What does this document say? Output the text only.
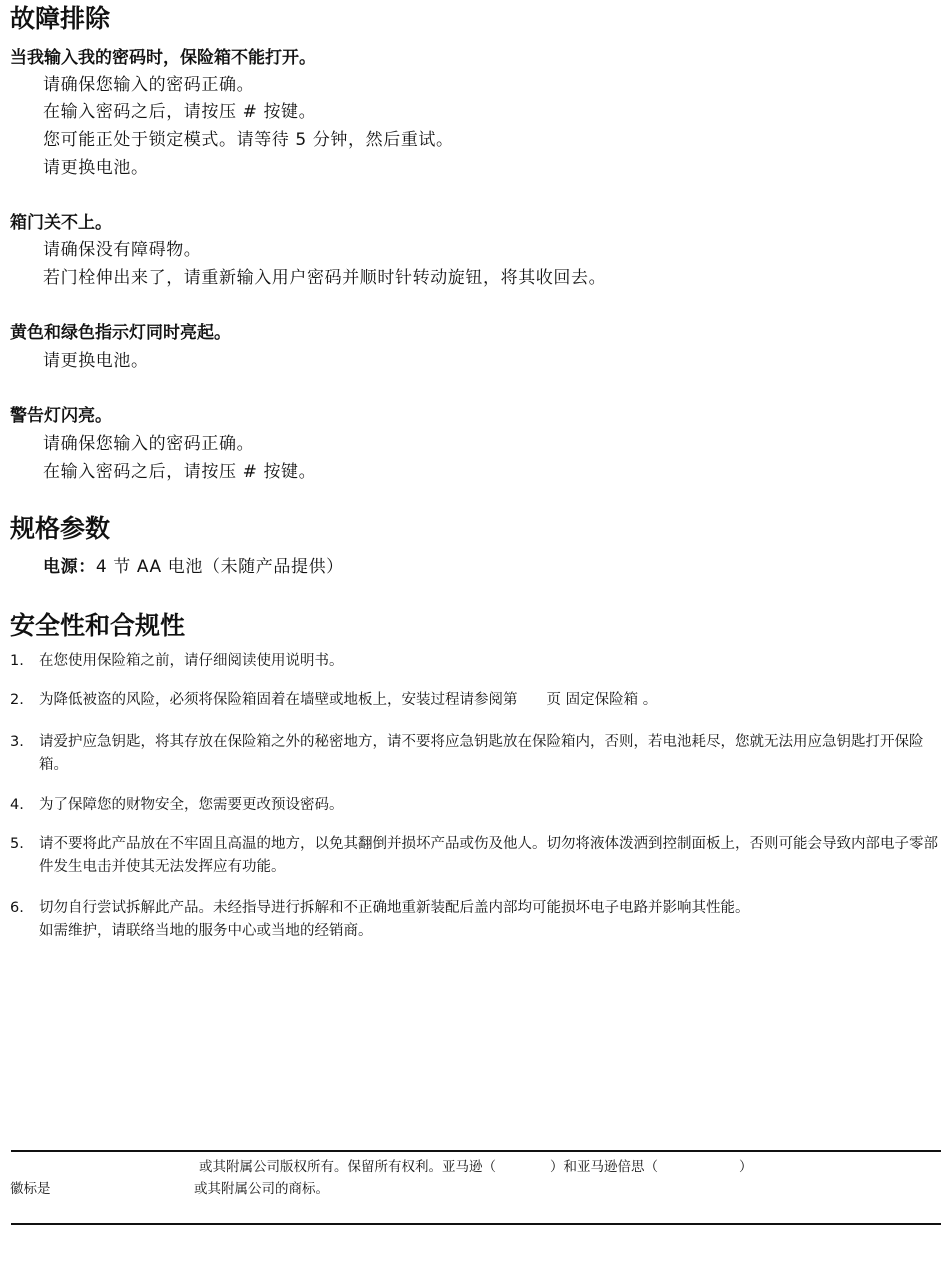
故障排除
当我输入我的密码时，保险箱不能打开。
请确保您输入的密码正确。
在输入密码之后，请按压 # 按键。
您可能正处于锁定模式。请等待 5 分钟，然后重试。
请更换电池。
箱门关不上。
请确保没有障碍物。
若门栓伸出来了，请重新输入用户密码并顺时针转动旋钮，将其收回去。
黄色和绿色指示灯同时亮起。
请更换电池。
警告灯闪亮。
请确保您输入的密码正确。
在输入密码之后，请按压 # 按键。
规格参数
电源：4 节 AA 电池（未随产品提供）
安全性和合规性
1. 在您使用保险箱之前，请仔细阅读使用说明书。
2. 为降低被盗的风险，必须将保险箱固着在墙壁或地板上，安装过程请参阅第　　页 固定保险箱 。
3. 请爱护应急钥匙，将其存放在保险箱之外的秘密地方，请不要将应急钥匙放在保险箱内，否则，若电池耗尽，您就无法用应急钥匙打开保险箱。
4. 为了保障您的财物安全，您需要更改预设密码。
5. 请不要将此产品放在不牢固且高温的地方，以免其翻倒并损坏产品或伤及他人。切勿将液体泼洒到控制面板上，否则可能会导致内部电子零部件发生电击并使其无法发挥应有功能。
6. 切勿自行尝试拆解此产品。未经指导进行拆解和不正确地重新装配后盖内部均可能损坏电子电路并影响其性能。
如需维护，请联络当地的服务中心或当地的经销商。
或其附属公司版权所有。保留所有权利。亚马逊（　　　　）和亚马逊倍思（　　　　　　）
徽标是	或其附属公司的商标。
